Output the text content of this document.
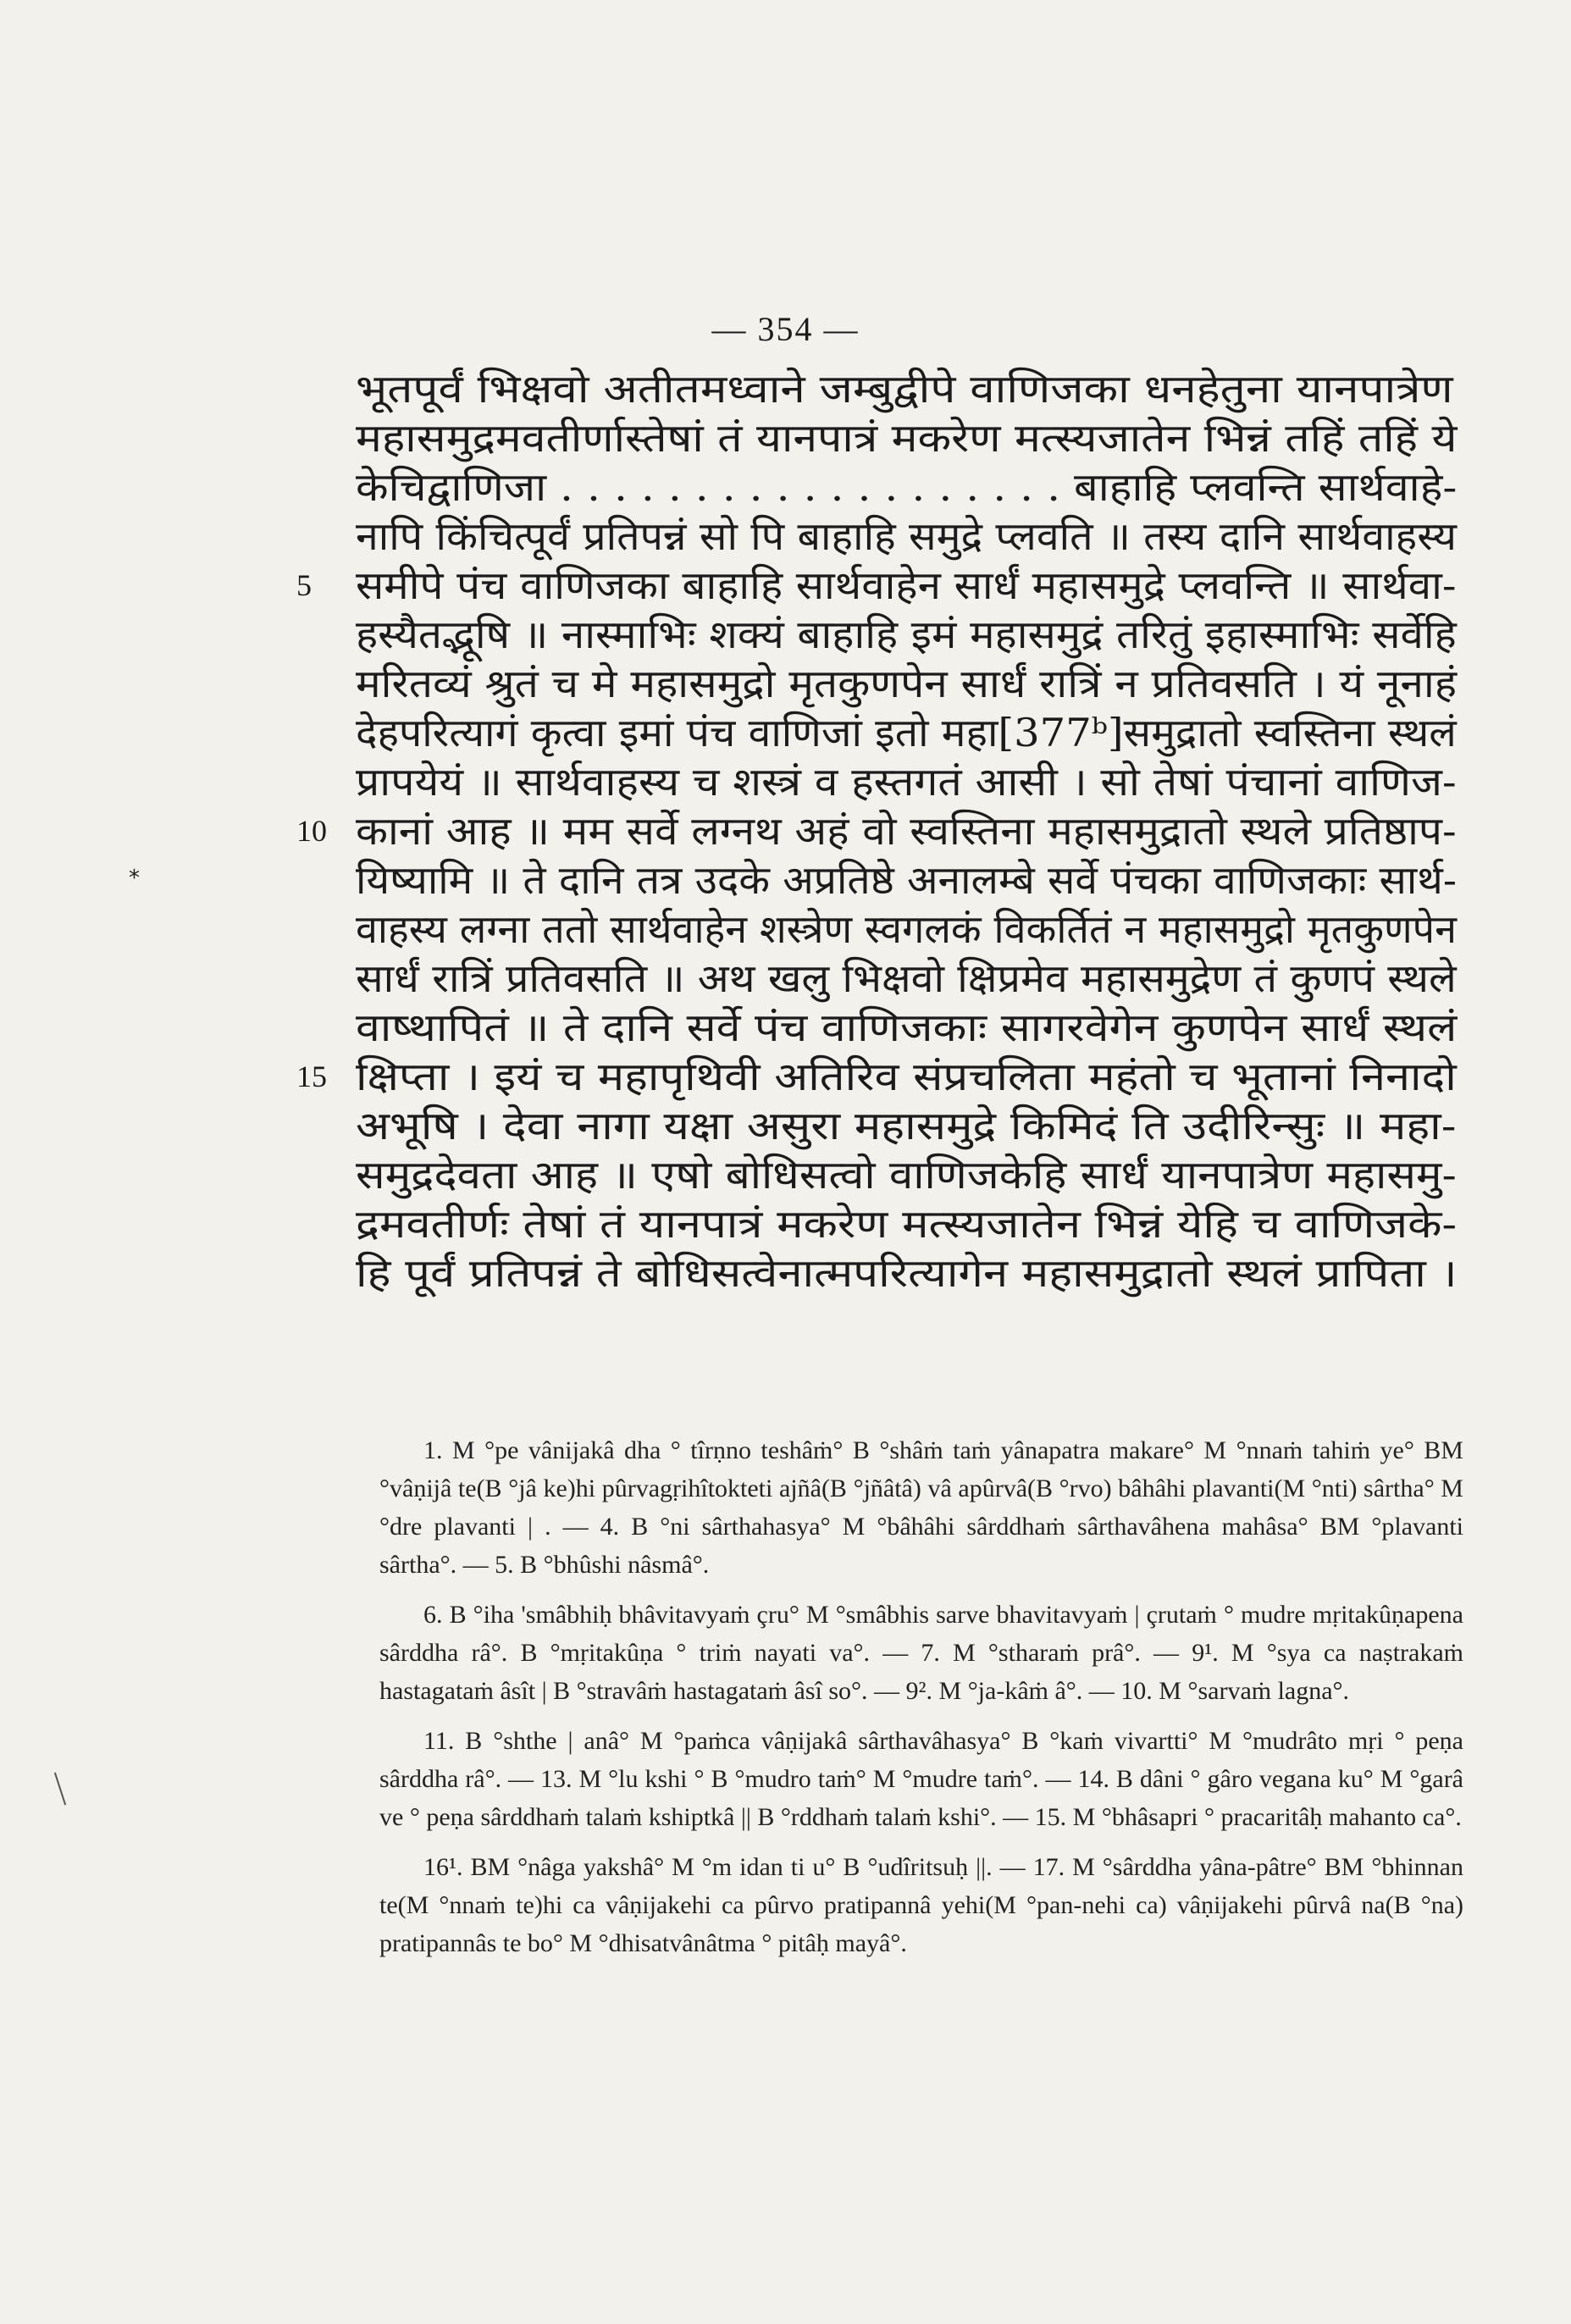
— 354 —
*
भूतपूर्वं भिक्षवो अतीतमध्वाने जम्बुद्वीपे वाणिजका धनहेतुना यानपात्रेण
महासमुद्रमवतीर्णास्तेषां तं यानपात्रं मकरेण मत्स्यजातेन भिन्नं तहिं तहिं ये
केचिद्वाणिजा . . . . . . . . . . . . . . . . . . . बाहाहि प्लवन्ति सार्थवाहे-
नापि किंचित्पूर्वं प्रतिपन्नं सो पि बाहाहि समुद्रे प्लवति ॥ तस्य दानि सार्थवाहस्य
5	समीपे पंच वाणिजका बाहाहि सार्थवाहेन सार्धं महासमुद्रे प्लवन्ति ॥ सार्थवा-
हस्यैतद्भूषि ॥ नास्माभिः शक्यं बाहाहि इमं महासमुद्रं तरितुं इहास्माभिः सर्वेहि
मरितव्यं श्रुतं च मे महासमुद्रो मृतकुणपेन सार्धं रात्रिं न प्रतिवसति । यं नूनाहं
देहपरित्यागं कृत्वा इमां पंच वाणिजां इतो महा[377ᵇ]समुद्रातो स्वस्तिना स्थलं
प्रापयेयं ॥ सार्थवाहस्य च शस्त्रं व हस्तगतं आसी । सो तेषां पंचानां वाणिज-
10 कानां आह ॥ मम सर्वे लग्नथ अहं वो स्वस्तिना महासमुद्रातो स्थले प्रतिष्ठाप-
यिष्यामि ॥ ते दानि तत्र उदके अप्रतिष्ठे अनालम्बे सर्वे पंचका वाणिजकाः सार्थ-
वाहस्य लग्ना ततो सार्थवाहेन शस्त्रेण स्वगलकं विकर्तितं न महासमुद्रो मृतकुणपेन
सार्धं रात्रिं प्रतिवसति ॥ अथ खलु भिक्षवो क्षिप्रमेव महासमुद्रेण तं कुणपं स्थले
वाष्थापितं ॥ ते दानि सर्वे पंच वाणिजकाः सागरवेगेन कुणपेन सार्धं स्थलं
15 क्षिप्ता । इयं च महापृथिवी अतिरिव संप्रचलिता महंतो च भूतानां निनादो
अभूषि । देवा नागा यक्षा असुरा महासमुद्रे किमिदं ति उदीरिन्सुः ॥ महा-
समुद्रदेवता आह ॥ एषो बोधिसत्वो वाणिजकेहि सार्धं यानपात्रेण महासमु-
द्रमवतीर्णः तेषां तं यानपात्रं मकरेण मत्स्यजातेन भिन्नं येहि च वाणिजके-
हि पूर्वं प्रतिपन्नं ते बोधिसत्वेनात्मपरित्यागेन महासमुद्रातो स्थलं प्रापिता ।

1. M °pe vânijakâ dha ° tîrṇno teshâṁ° B °shâṁ taṁ yânapatra makare° M °nnaṁ tahiṁ ye° BM °vâṇijâ te(B °jâ ke)hi pûrvagṛihîtokteti ajñâ(B °jñâtâ) vâ apûrvâ(B °rvo) bâhâhi plavanti(M °nti) sârtha° M °dre plavanti | . — 4. B °ni sârthahasya° M °bâhâhi sârddhaṁ sârthavâhena mahâsa° BM °plavanti sârtha°. — 5. B °bhûshi nâsmâ°.

6. B °iha 'smâbhiḥ bhâvitavyaṁ çru° M °smâbhis sarve bhavitavyaṁ | çrutaṁ ° mudre mṛitakûṇapena sârddha râ°. B °mṛitakûṇa ° triṁ nayati va°. — 7. M °stharaṁ prâ°. — 9¹. M °sya ca naṣtrakaṁ hastagataṁ âsît | B °stravâṁ hastagataṁ âsî so°. — 9². M °ja-kâṁ â°. — 10. M °sarvaṁ lagna°.

11. B °shthe | anâ° M °paṁca vâṇijakâ sârthavâhasya° B °kaṁ vivartti° M °mudrâto mṛi ° peṇa sârddha râ°. — 13. M °lu kshi ° B °mudro taṁ° M °mudre taṁ°. — 14. B dâni ° gâro vegana ku° M °garâ ve ° peṇa sârddhaṁ talaṁ kshiptkâ || B °rddhaṁ talaṁ kshi°. — 15. M °bhâsapri ° pracaritâḥ mahanto ca°.

16¹. BM °nâga yakshâ° M °m idan ti u° B °udîritsuḥ ||. — 17. M °sârddha yâna-pâtre° BM °bhinnan te(M °nnaṁ te)hi ca vâṇijakehi ca pûrvo pratipannâ yehi(M °pan-nehi ca) vâṇijakehi pûrvâ na(B °na) pratipannâs te bo° M °dhisatvânâtma ° pitâḥ mayâ°.
